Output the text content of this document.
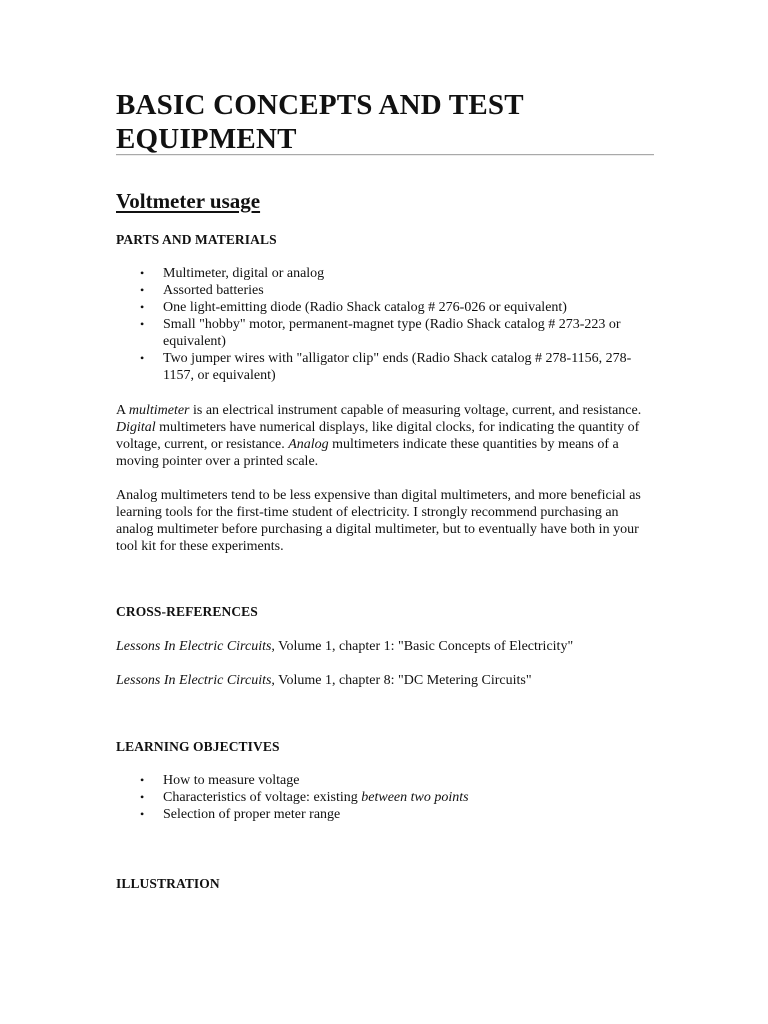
BASIC CONCEPTS AND TEST EQUIPMENT
Voltmeter usage
PARTS AND MATERIALS
• Multimeter, digital or analog
• Assorted batteries
• One light-emitting diode (Radio Shack catalog # 276-026 or equivalent)
• Small "hobby" motor, permanent-magnet type (Radio Shack catalog # 273-223 or equivalent)
• Two jumper wires with "alligator clip" ends (Radio Shack catalog # 278-1156, 278-1157, or equivalent)

A multimeter is an electrical instrument capable of measuring voltage, current, and resistance. Digital multimeters have numerical displays, like digital clocks, for indicating the quantity of voltage, current, or resistance. Analog multimeters indicate these quantities by means of a moving pointer over a printed scale.

Analog multimeters tend to be less expensive than digital multimeters, and more beneficial as learning tools for the first-time student of electricity. I strongly recommend purchasing an analog multimeter before purchasing a digital multimeter, but to eventually have both in your tool kit for these experiments.

CROSS-REFERENCES

Lessons In Electric Circuits, Volume 1, chapter 1: "Basic Concepts of Electricity"

Lessons In Electric Circuits, Volume 1, chapter 8: "DC Metering Circuits"

LEARNING OBJECTIVES
• How to measure voltage
• Characteristics of voltage: existing between two points
• Selection of proper meter range
ILLUSTRATION
